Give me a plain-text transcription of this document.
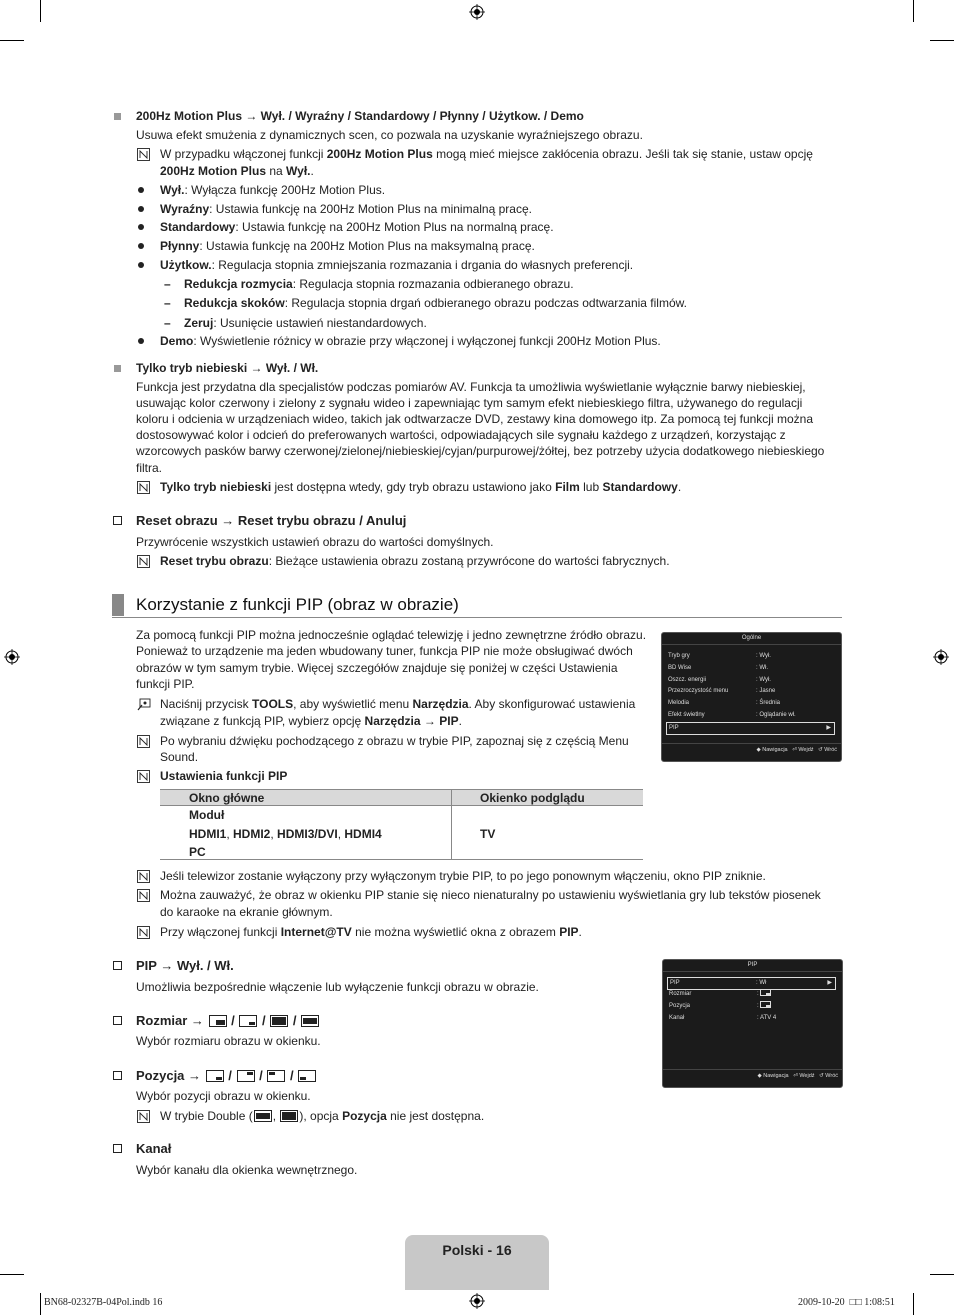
200Hz Motion Plus → Wył. / Wyraźny / Standardowy / Płynny / Użytkow. / Demo
Usuwa efekt smużenia z dynamicznych scen, co pozwala na uzyskanie wyraźniejszego obrazu.
W przypadku włączonej funkcji 200Hz Motion Plus mogą mieć miejsce zakłócenia obrazu. Jeśli tak się stanie, ustaw opcję
200Hz Motion Plus na Wył..
Wył.: Wyłącza funkcję 200Hz Motion Plus.
Wyraźny: Ustawia funkcję na 200Hz Motion Plus na minimalną pracę.
Standardowy: Ustawia funkcję na 200Hz Motion Plus na normalną pracę.
Płynny: Ustawia funkcję na 200Hz Motion Plus na maksymalną pracę.
Użytkow.: Regulacja stopnia zmniejszania rozmazania i drgania do własnych preferencji.
– Redukcja rozmycia: Regulacja stopnia rozmazania odbieranego obrazu.
– Redukcja skoków: Regulacja stopnia drgań odbieranego obrazu podczas odtwarzania filmów.
– Zeruj: Usunięcie ustawień niestandardowych.
Demo: Wyświetlenie różnicy w obrazie przy włączonej i wyłączonej funkcji 200Hz Motion Plus.
Tylko tryb niebieski → Wył. / Wł.
Funkcja jest przydatna dla specjalistów podczas pomiarów AV. Funkcja ta umożliwia wyświetlanie wyłącznie barwy niebieskiej,
usuwając kolor czerwony i zielony z sygnału wideo i zapewniając tym samym efekt niebieskiego filtra, używanego do regulacji
koloru i odcienia w urządzeniach wideo, takich jak odtwarzacze DVD, zestawy kina domowego itp. Za pomocą tej funkcji można
dostosowywać kolor i odcień do preferowanych wartości, odpowiadających sile sygnału każdego z urządzeń, korzystając z
wzorcowych pasków barwy czerwonej/zielonej/niebieskiej/cyjan/purpurowej/żółtej, bez potrzeby użycia dodatkowego niebieskiego
filtra.
Tylko tryb niebieski jest dostępna wtedy, gdy tryb obrazu ustawiono jako Film lub Standardowy.
Reset obrazu → Reset trybu obrazu / Anuluj
Przywrócenie wszystkich ustawień obrazu do wartości domyślnych.
Reset trybu obrazu: Bieżące ustawienia obrazu zostaną przywrócone do wartości fabrycznych.
Korzystanie z funkcji PIP (obraz w obrazie)
Za pomocą funkcji PIP można jednocześnie oglądać telewizję i jedno zewnętrzne źródło obrazu.
Ponieważ to urządzenie ma jeden wbudowany tuner, funkcja PIP nie może obsługiwać dwóch
obrazów w tym samym trybie. Więcej szczegółów znajduje się poniżej w części Ustawienia
funkcji PIP.
Naciśnij przycisk TOOLS, aby wyświetlić menu Narzędzia. Aby skonfigurować ustawienia
związane z funkcją PIP, wybierz opcję Narzędzia → PIP.
Po wybraniu dźwięku pochodzącego z obrazu w trybie PIP, zapoznaj się z częścią Menu
Sound.
Ustawienia funkcji PIP
Okno główne	Okienko podglądu
Moduł
HDMI1, HDMI2, HDMI3/DVI, HDMI4
PC
TV
Jeśli telewizor zostanie wyłączony przy wyłączonym trybie PIP, to po jego ponownym włączeniu, okno PIP zniknie.
Można zauważyć, że obraz w okienku PIP stanie się nieco nienaturalny po ustawieniu wyświetlania gry lub tekstów piosenek
do karaoke na ekranie głównym.
Przy włączonej funkcji Internet@TV nie można wyświetlić okna z obrazem PIP.
Ogólne
Tryb gry	: Wył.
BD Wise	: Wł.
Oszcz. energii	: Wył.
Przezroczystość menu	: Jasne
Melodia	: Średnia
Efekt świetlny	: Oglądanie wł.
PIP	▶
◆ Nawigacja ⏎ Wejdź ↺ Wróć
PIP → Wył. / Wł.
Umożliwia bezpośrednie włączenie lub wyłączenie funkcji obrazu w obrazie.
Rozmiar →
/ / /
Wybór rozmiaru obrazu w okienku.
Pozycja →
/ / /
Wybór pozycji obrazu w okienku.
W trybie Double ( ,
), opcja Pozycja nie jest dostępna.
Kanał
Wybór kanału dla okienka wewnętrznego.
PIP
PIP	: Wł	▶
Rozmiar	:
Pozycja	:
Kanał	: ATV 4
◆ Nawigacja ⏎ Wejdź ↺ Wróć
Polski - 16
BN68-02327B-04Pol.indb 16	2009-10-20 □□ 1:08:51
